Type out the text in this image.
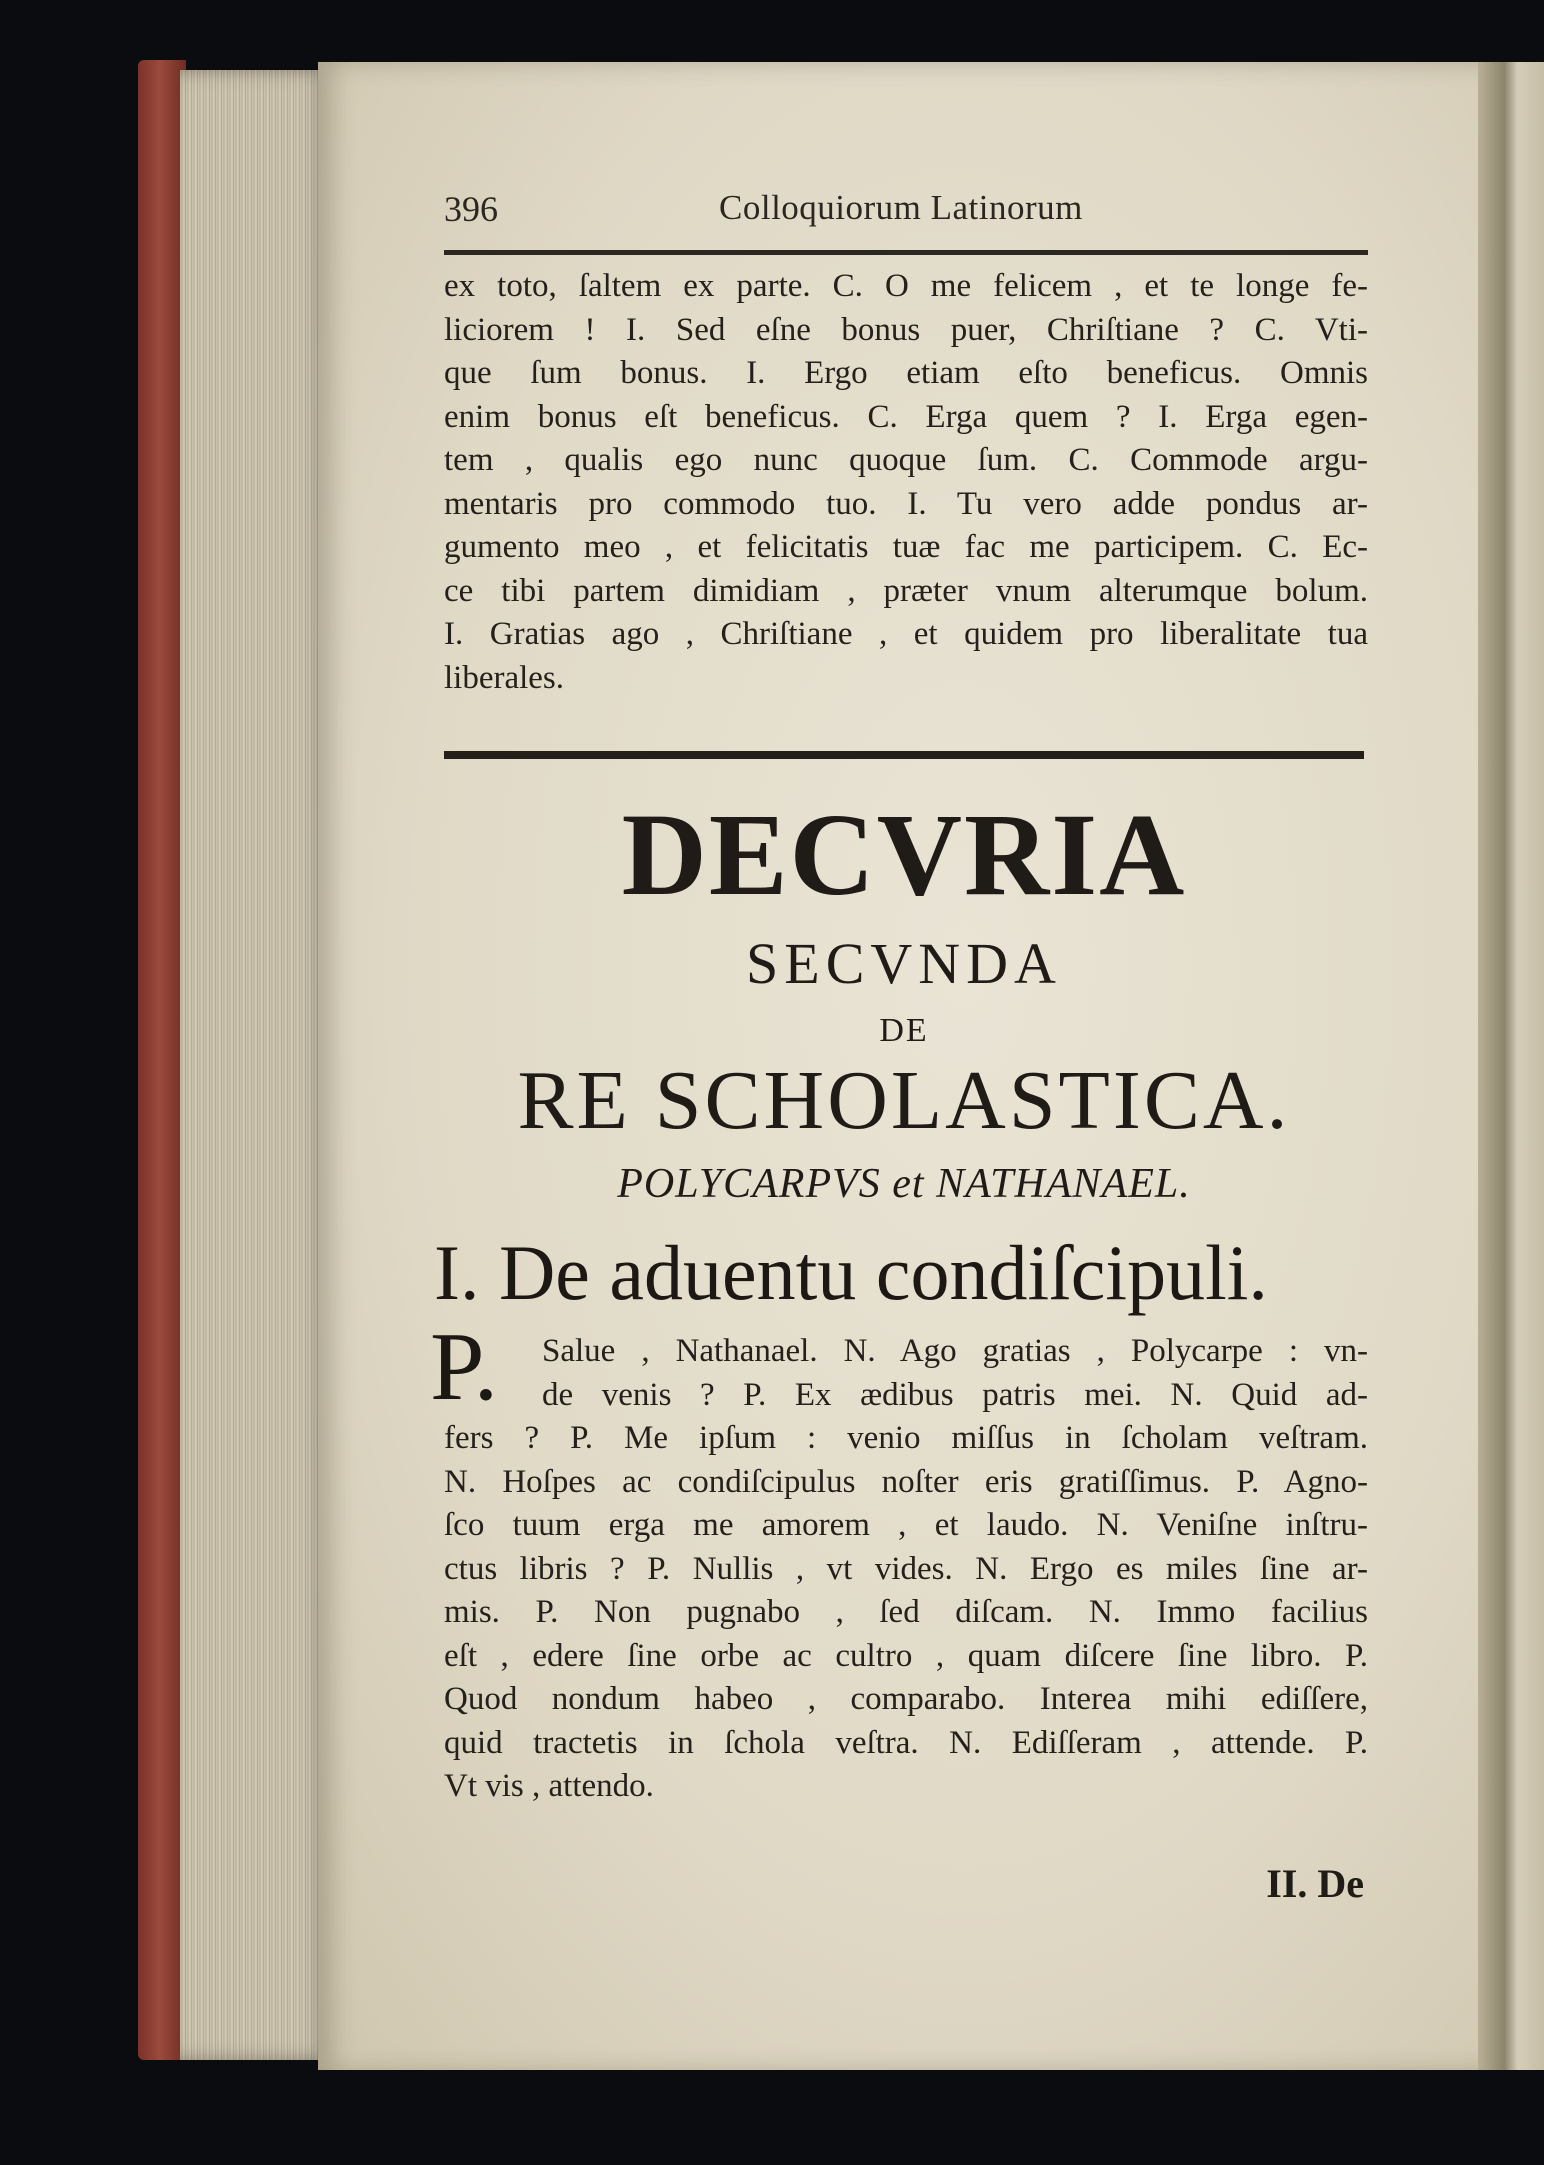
396	Colloquiorum Latinorum
ex toto, ſaltem ex parte. C. O me felicem , et te longe fe-
liciorem ! I. Sed eſne bonus puer, Chriſtiane ? C. Vti-
que ſum bonus. I. Ergo etiam eſto beneficus. Omnis
enim bonus eſt beneficus. C. Erga quem ? I. Erga egen-
tem , qualis ego nunc quoque ſum. C. Commode argu-
mentaris pro commodo tuo. I. Tu vero adde pondus ar-
gumento meo , et felicitatis tuæ fac me participem. C. Ec-
ce tibi partem dimidiam , præter vnum alterumque bolum.
I. Gratias ago , Chriſtiane , et quidem pro liberalitate tua
liberales.
DECVRIA
SECVNDA
DE
RE SCHOLASTICA.
POLYCARPVS et NATHANAEL.
I. De aduentu condiſcipuli.
P.	Salue , Nathanael. N. Ago gratias , Polycarpe : vn-
de venis ? P. Ex ædibus patris mei. N. Quid ad-
fers ? P. Me ipſum : venio miſſus in ſcholam veſtram.
N. Hoſpes ac condiſcipulus noſter eris gratiſſimus. P. Agno-
ſco tuum erga me amorem , et laudo. N. Veniſne inſtru-
ctus libris ? P. Nullis , vt vides. N. Ergo es miles ſine ar-
mis. P. Non pugnabo , ſed diſcam. N. Immo facilius
eſt , edere ſine orbe ac cultro , quam diſcere ſine libro. P.
Quod nondum habeo , comparabo. Interea mihi ediſſere,
quid tractetis in ſchola veſtra. N. Ediſſeram , attende. P.
Vt vis , attendo.
II. De
